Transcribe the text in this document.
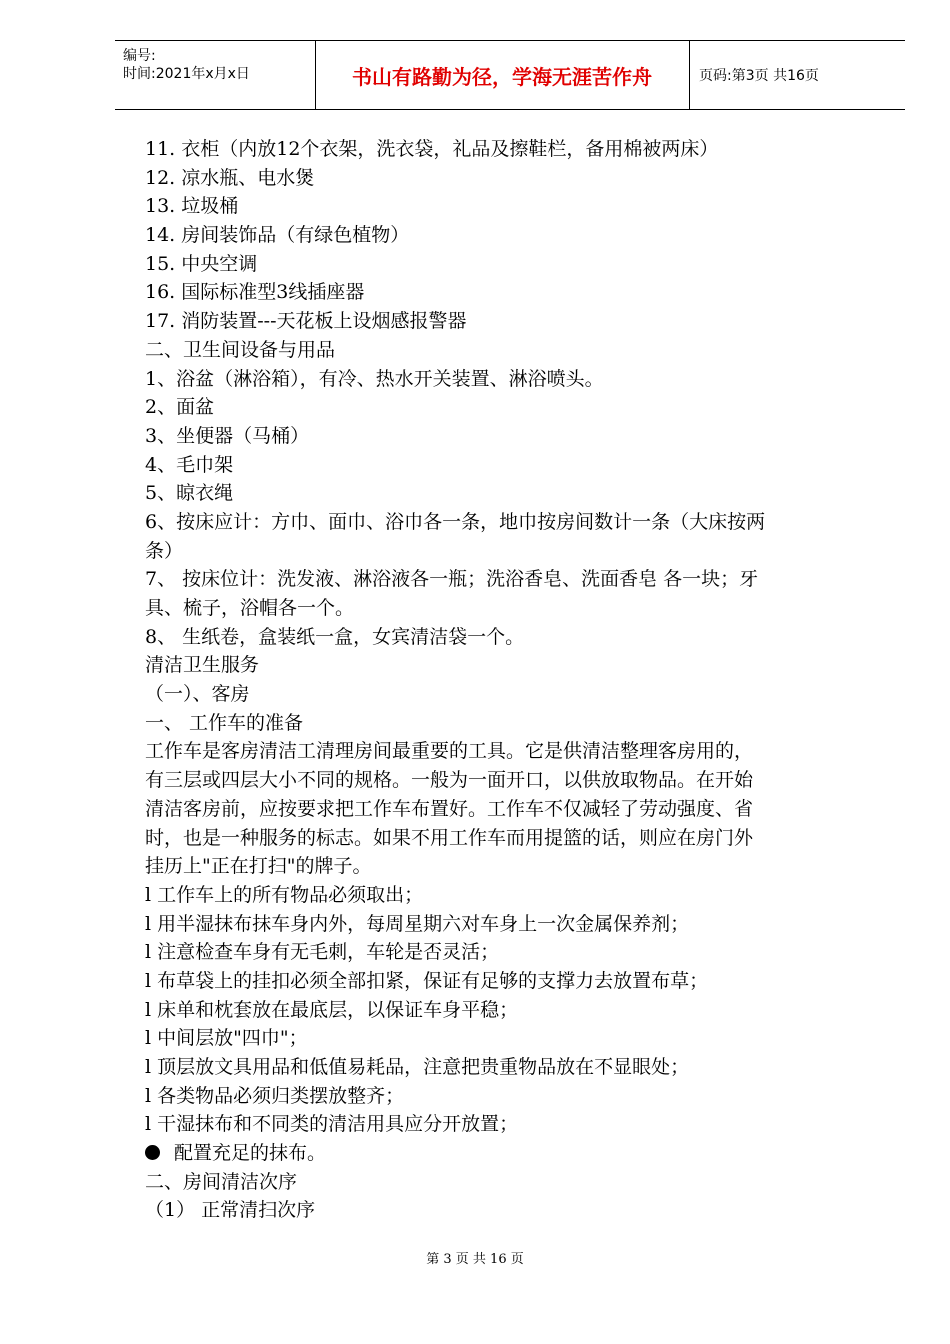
编号:
时间:2021年x月x日	书山有路勤为径，学海无涯苦作舟	页码:第3页 共16页
11. 衣柜（内放12个衣架，洗衣袋，礼品及擦鞋栏，备用棉被两床）
12. 凉水瓶、电水煲
13. 垃圾桶
14. 房间装饰品（有绿色植物）
15. 中央空调
16. 国际标准型3线插座器
17. 消防装置---天花板上设烟感报警器
二、卫生间设备与用品
1、浴盆（淋浴箱），有冷、热水开关装置、淋浴喷头。
2、面盆
3、坐便器（马桶）
4、毛巾架
5、晾衣绳
6、按床应计：方巾、面巾、浴巾各一条，地巾按房间数计一条（大床按两
条）
7、 按床位计：洗发液、淋浴液各一瓶；洗浴香皂、洗面香皂 各一块；牙
具、梳子，浴帽各一个。
8、 生纸卷，盒装纸一盒，女宾清洁袋一个。
清洁卫生服务
（一）、客房
一、 工作车的准备
工作车是客房清洁工清理房间最重要的工具。它是供清洁整理客房用的，
有三层或四层大小不同的规格。一般为一面开口，以供放取物品。在开始
清洁客房前，应按要求把工作车布置好。工作车不仅减轻了劳动强度、省
时，也是一种服务的标志。如果不用工作车而用提篮的话，则应在房门外
挂历上"正在打扫"的牌子。
l 工作车上的所有物品必须取出；
l 用半湿抹布抹车身内外，每周星期六对车身上一次金属保养剂；
l 注意检查车身有无毛刺，车轮是否灵活；
l 布草袋上的挂扣必须全部扣紧，保证有足够的支撑力去放置布草；
l 床单和枕套放在最底层，以保证车身平稳；
l 中间层放"四巾"；
l 顶层放文具用品和低值易耗品，注意把贵重物品放在不显眼处；
l 各类物品必须归类摆放整齐；
l 干湿抹布和不同类的清洁用具应分开放置；
配置充足的抹布。
二、房间清洁次序
（1） 正常清扫次序
第 3 页 共 16 页
